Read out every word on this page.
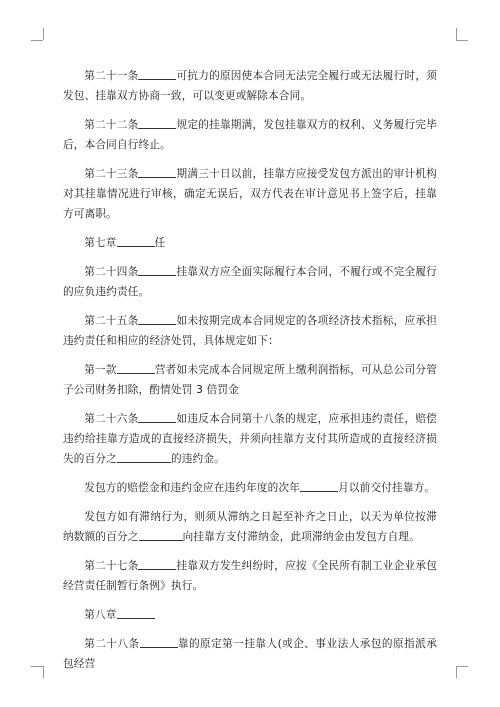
第二十一条	可抗力的原因使本合同无法完全履行或无法履行时，须发包、挂靠双方协商一致，可以变更或解除本合同。

第二十二条	规定的挂靠期满，发包挂靠双方的权利、义务履行完毕后，本合同自行终止。

第二十三条	期满三十日以前，挂靠方应接受发包方派出的审计机构对其挂靠情况进行审核，确定无误后，双方代表在审计意见书上签字后，挂靠方可离职。

第七章	任

第二十四条	挂靠双方应全面实际履行本合同，不履行或不完全履行的应负违约责任。

第二十五条	如未按期完成本合同规定的各项经济技术指标，应承担违约责任和相应的经济处罚，具体规定如下：

第一款	营者如未完成本合同规定所上缴利润指标，可从总公司分管子公司财务扣除，酌情处罚 3 倍罚金

第二十六条	如违反本合同第十八条的规定，应承担违约责任，赔偿违约给挂靠方造成的直接经济损失，并须向挂靠方支付其所造成的直接经济损失的百分之	的违约金。

发包方的赔偿金和违约金应在违约年度的次年	月以前交付挂靠方。

发包方如有滞纳行为，则须从滞纳之日起至补齐之日止，以天为单位按滞纳数额的百分之	向挂靠方支付滞纳金，此项滞纳金由发包方自理。

第二十七条	挂靠双方发生纠纷时，应按《全民所有制工业企业承包经营责任制暂行条例》执行。

第八章

第二十八条	靠的原定第一挂靠人(或企、事业法人承包的原指派承包经营
